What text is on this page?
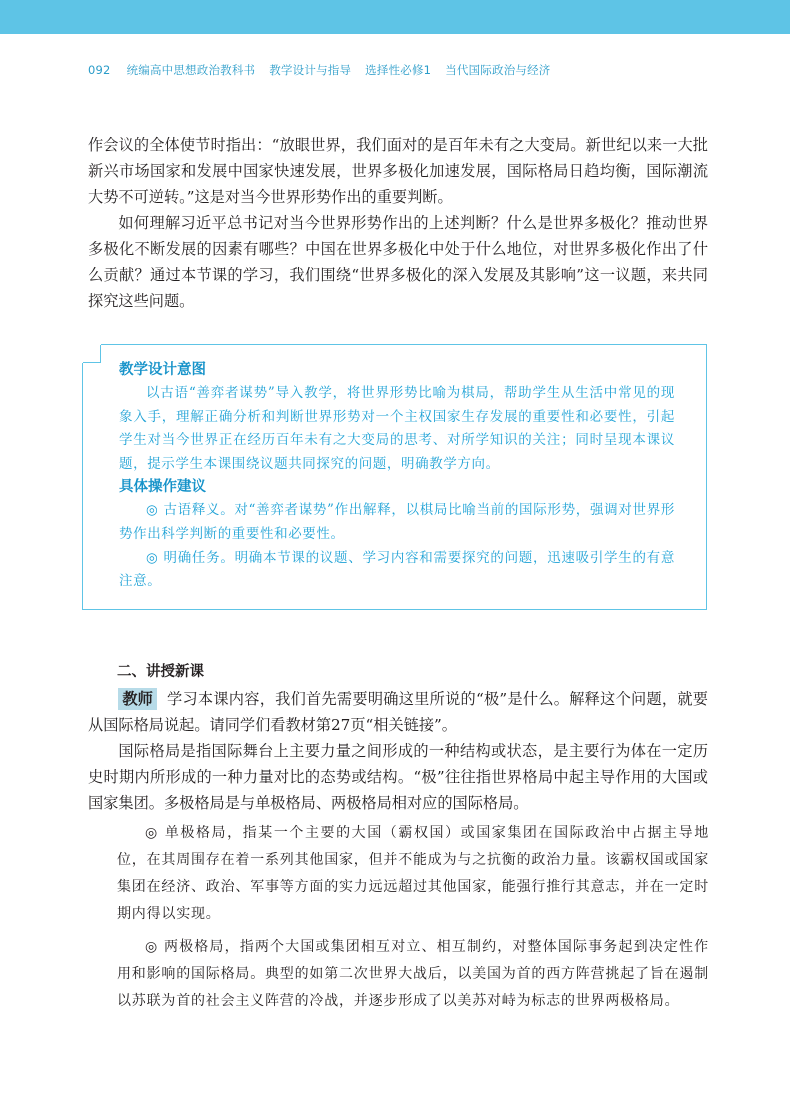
092 统编高中思想政治教科书 教学设计与指导 选择性必修1 当代国际政治与经济

作会议的全体使节时指出：“放眼世界，我们面对的是百年未有之大变局。新世纪以来一大批新兴市场国家和发展中国家快速发展，世界多极化加速发展，国际格局日趋均衡，国际潮流大势不可逆转。”这是对当今世界形势作出的重要判断。

如何理解习近平总书记对当今世界形势作出的上述判断？什么是世界多极化？推动世界多极化不断发展的因素有哪些？中国在世界多极化中处于什么地位，对世界多极化作出了什么贡献？通过本节课的学习，我们围绕“世界多极化的深入发展及其影响”这一议题，来共同探究这些问题。

教学设计意图

以古语“善弈者谋势”导入教学，将世界形势比喻为棋局，帮助学生从生活中常见的现象入手，理解正确分析和判断世界形势对一个主权国家生存发展的重要性和必要性，引起学生对当今世界正在经历百年未有之大变局的思考、对所学知识的关注；同时呈现本课议题，提示学生本课围绕议题共同探究的问题，明确教学方向。

具体操作建议

◎ 古语释义。对“善弈者谋势”作出解释，以棋局比喻当前的国际形势，强调对世界形势作出科学判断的重要性和必要性。

◎ 明确任务。明确本节课的议题、学习内容和需要探究的问题，迅速吸引学生的有意注意。

二、讲授新课

教师 学习本课内容，我们首先需要明确这里所说的“极”是什么。解释这个问题，就要从国际格局说起。请同学们看教材第27页“相关链接”。

国际格局是指国际舞台上主要力量之间形成的一种结构或状态，是主要行为体在一定历史时期内所形成的一种力量对比的态势或结构。“极”往往指世界格局中起主导作用的大国或国家集团。多极格局是与单极格局、两极格局相对应的国际格局。

◎ 单极格局，指某一个主要的大国（霸权国）或国家集团在国际政治中占据主导地位，在其周围存在着一系列其他国家，但并不能成为与之抗衡的政治力量。该霸权国或国家集团在经济、政治、军事等方面的实力远远超过其他国家，能强行推行其意志，并在一定时期内得以实现。

◎ 两极格局，指两个大国或集团相互对立、相互制约，对整体国际事务起到决定性作用和影响的国际格局。典型的如第二次世界大战后，以美国为首的西方阵营挑起了旨在遏制以苏联为首的社会主义阵营的冷战，并逐步形成了以美苏对峙为标志的世界两极格局。
